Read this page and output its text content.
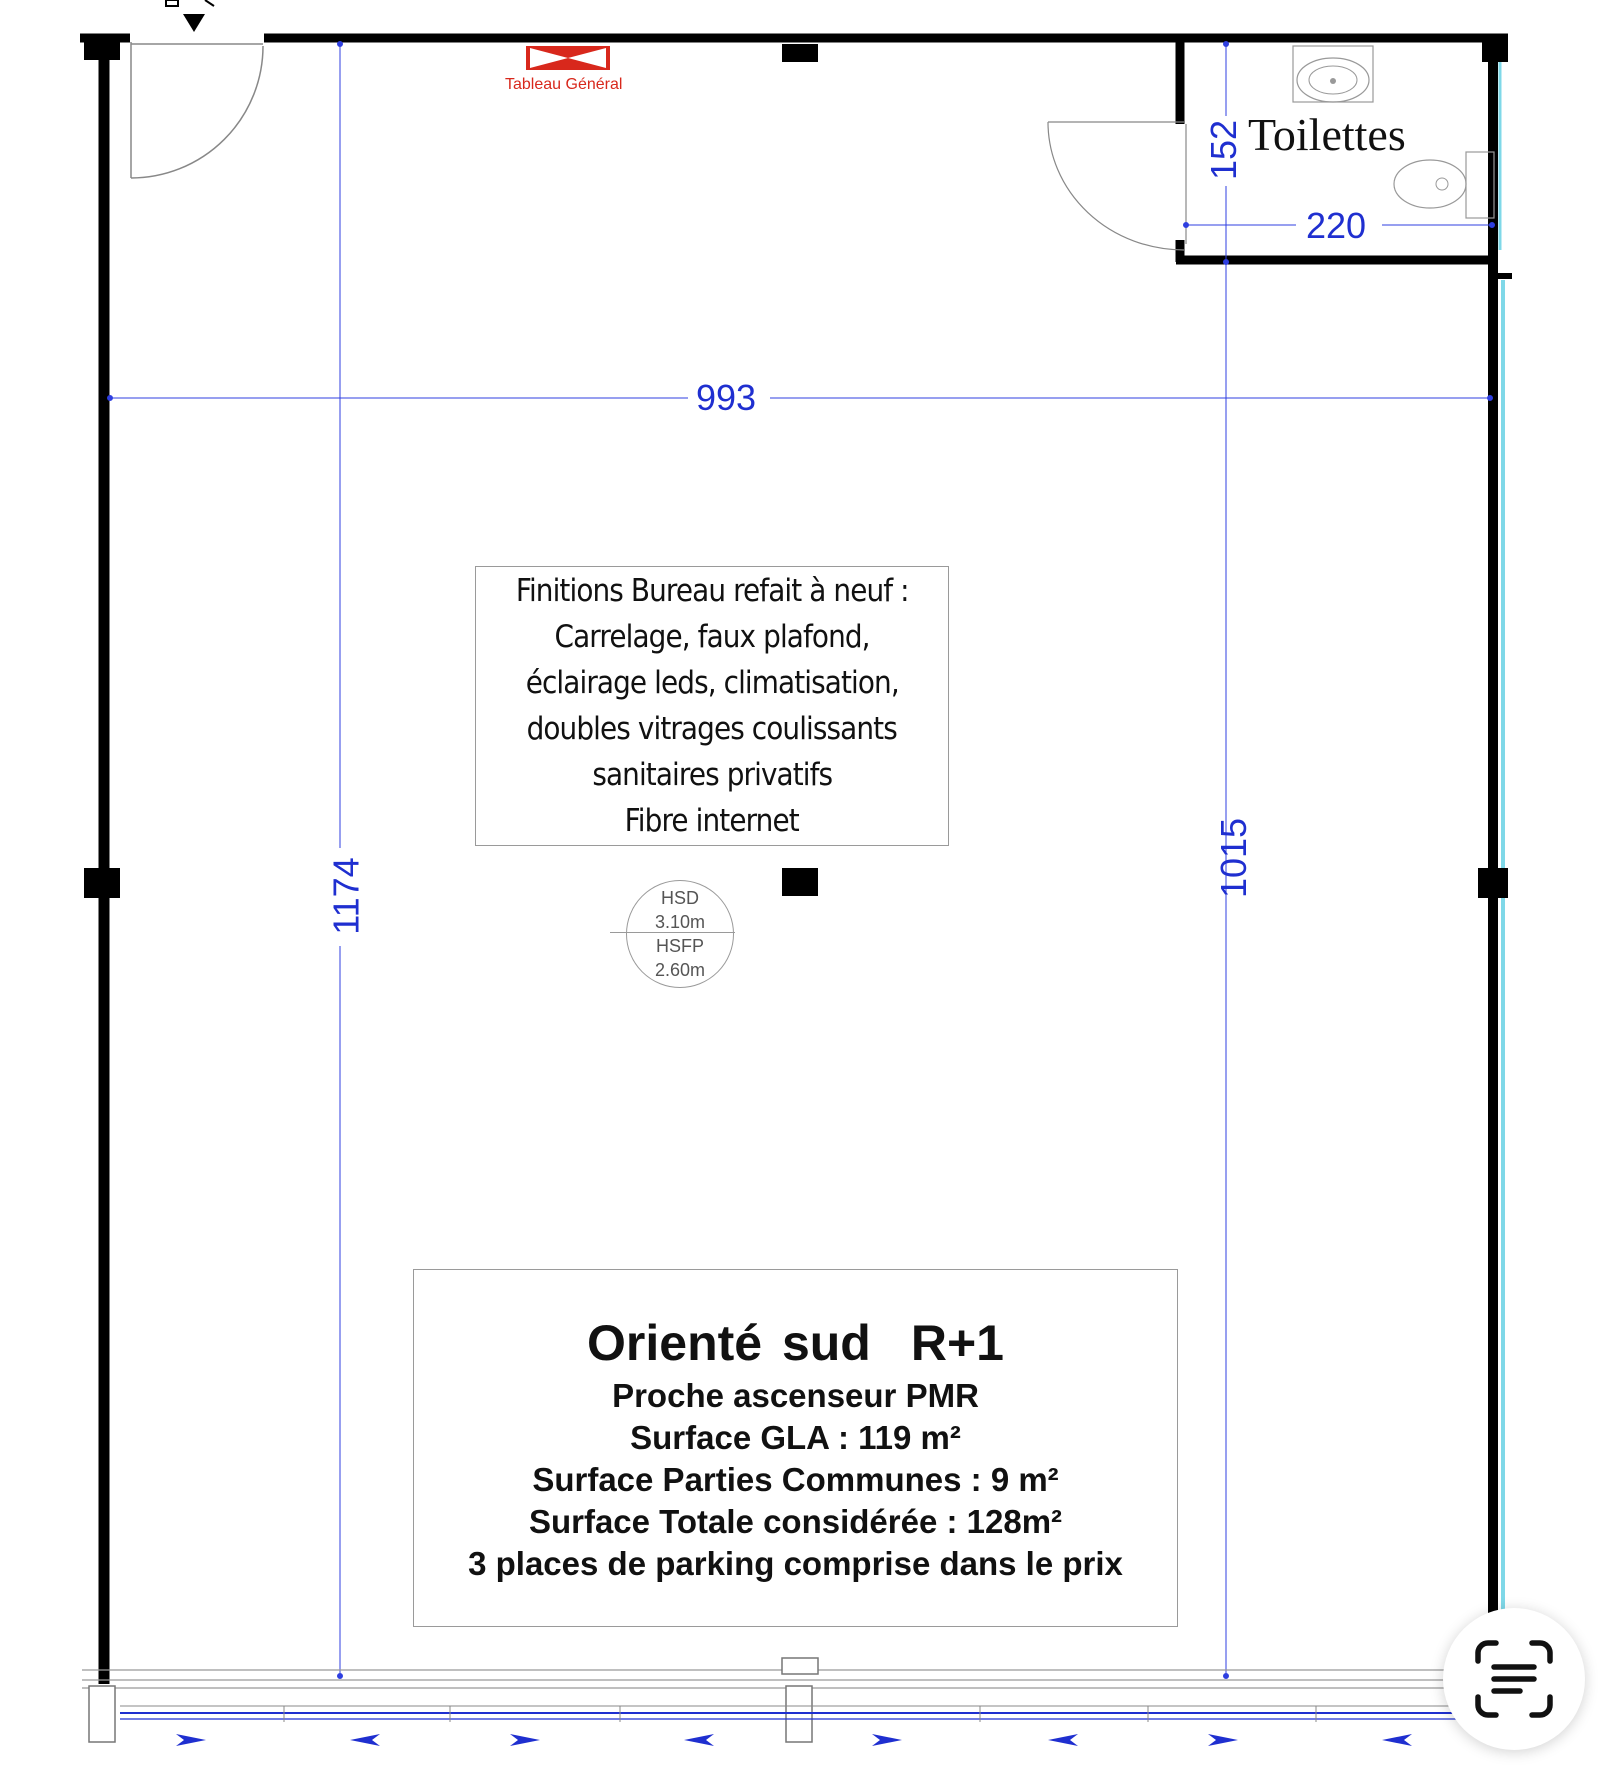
Tableau Général
Toilettes
993
1174	1015
152
220
Finitions Bureau refait à neuf :
Carrelage, faux plafond,
éclairage leds, climatisation,
doubles vitrages coulissants
sanitaires privatifs
Fibre internet
HSD
3.10m
HSFP
2.60m
Orienté sud R+1
Proche ascenseur PMR
Surface GLA : 119 m²
Surface Parties Communes : 9 m²
Surface Totale considérée : 128m²
3 places de parking comprise dans le prix
